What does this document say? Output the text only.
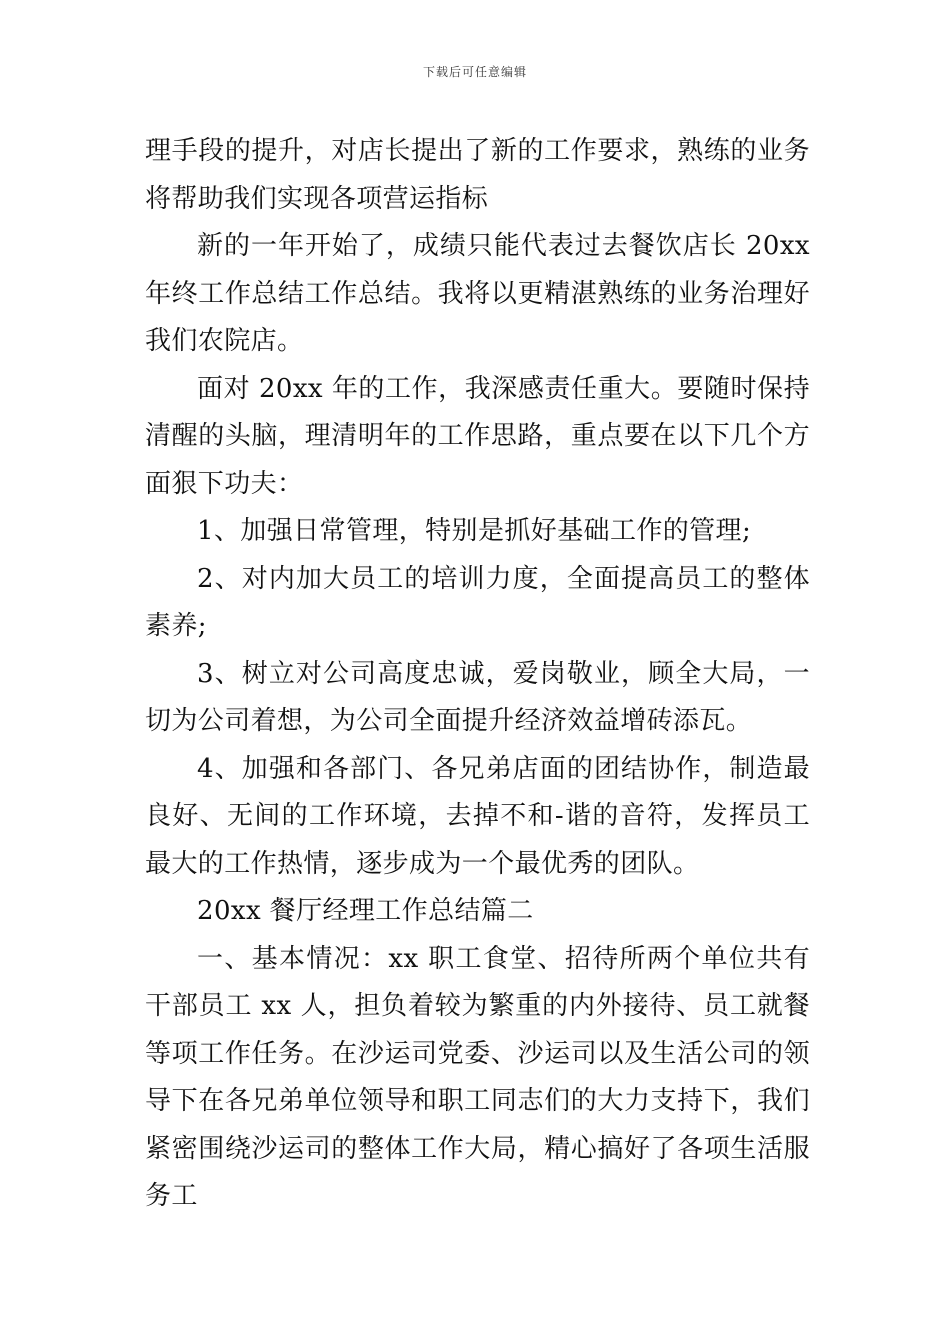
下载后可任意编辑

理手段的提升，对店长提出了新的工作要求，熟练的业务将帮助我们实现各项营运指标

新的一年开始了，成绩只能代表过去餐饮店长 20xx 年终工作总结工作总结。我将以更精湛熟练的业务治理好我们农院店。

面对 20xx 年的工作，我深感责任重大。要随时保持清醒的头脑，理清明年的工作思路，重点要在以下几个方面狠下功夫：

1、加强日常管理，特别是抓好基础工作的管理;

2、对内加大员工的培训力度，全面提高员工的整体素养;

3、树立对公司高度忠诚，爱岗敬业，顾全大局，一切为公司着想，为公司全面提升经济效益增砖添瓦。

4、加强和各部门、各兄弟店面的团结协作，制造最良好、无间的工作环境，去掉不和-谐的音符，发挥员工最大的工作热情，逐步成为一个最优秀的团队。

20xx 餐厅经理工作总结篇二

一、基本情况：xx 职工食堂、招待所两个单位共有干部员工 xx 人，担负着较为繁重的内外接待、员工就餐等项工作任务。在沙运司党委、沙运司以及生活公司的领导下在各兄弟单位领导和职工同志们的大力支持下，我们紧密围绕沙运司的整体工作大局，精心搞好了各项生活服务工
